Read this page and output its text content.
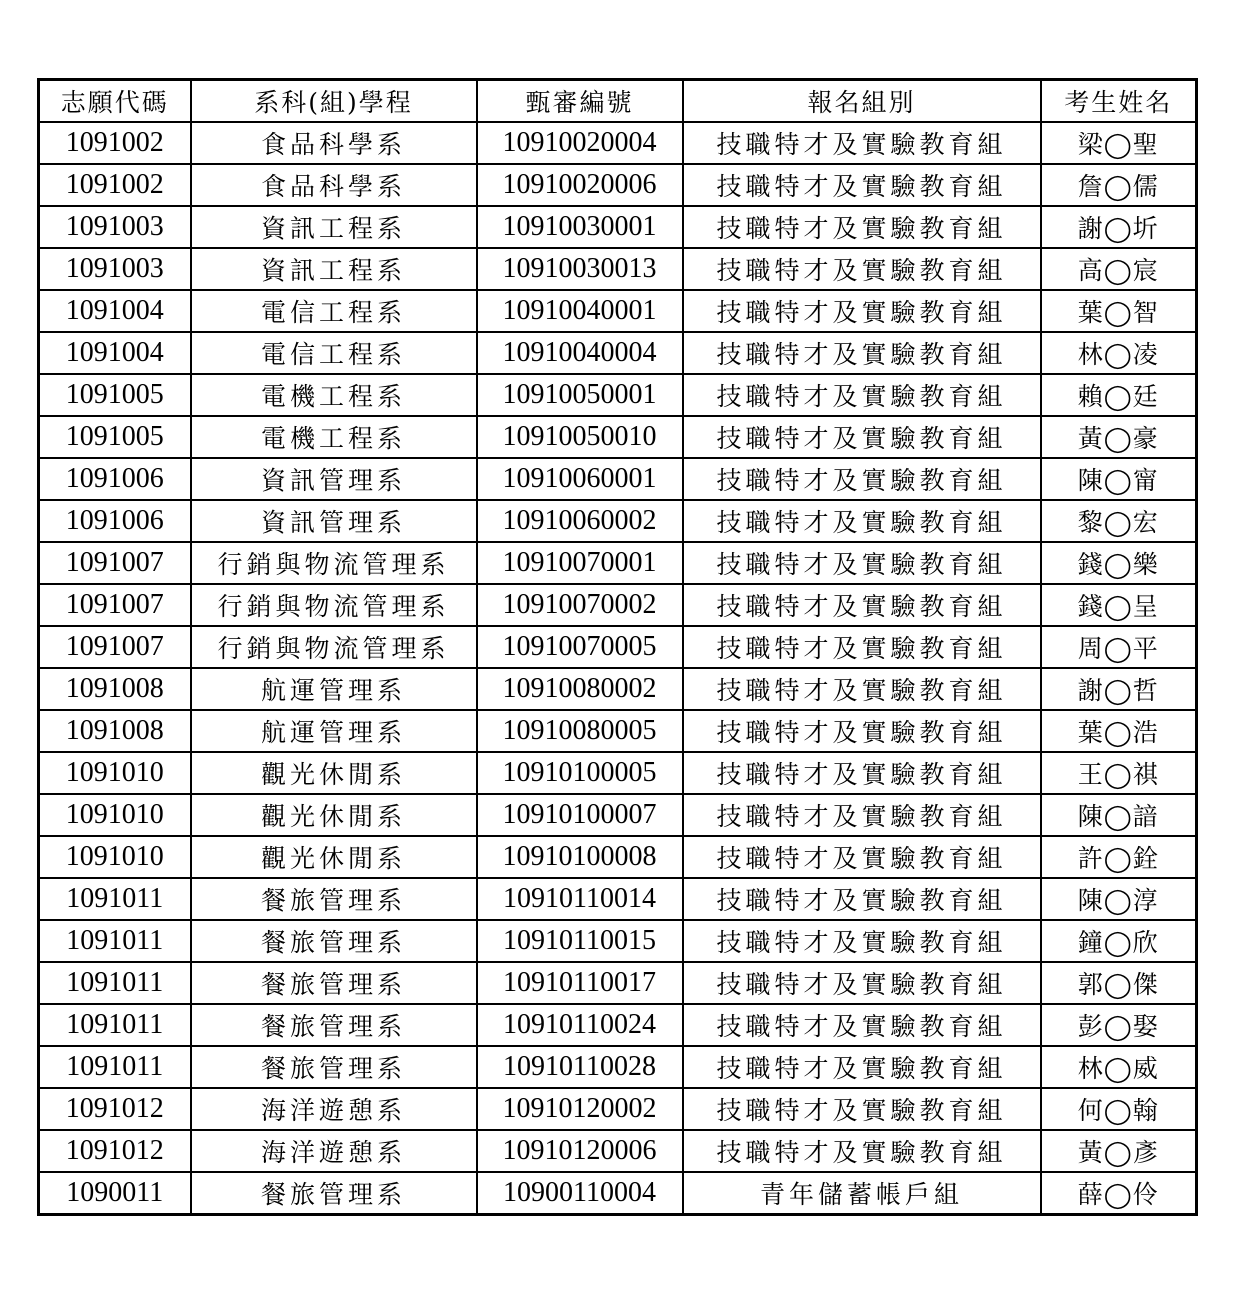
志願代碼	系科(組)學程	甄審編號	報名組別	考生姓名
1091002	食品科學系	10910020004	技職特才及實驗教育組	梁◯聖
1091002	食品科學系	10910020006	技職特才及實驗教育組	詹◯儒
1091003	資訊工程系	10910030001	技職特才及實驗教育組	謝◯圻
1091003	資訊工程系	10910030013	技職特才及實驗教育組	高◯宸
1091004	電信工程系	10910040001	技職特才及實驗教育組	葉◯智
1091004	電信工程系	10910040004	技職特才及實驗教育組	林◯凌
1091005	電機工程系	10910050001	技職特才及實驗教育組	賴◯廷
1091005	電機工程系	10910050010	技職特才及實驗教育組	黃◯豪
1091006	資訊管理系	10910060001	技職特才及實驗教育組	陳◯甯
1091006	資訊管理系	10910060002	技職特才及實驗教育組	黎◯宏
1091007	行銷與物流管理系	10910070001	技職特才及實驗教育組	錢◯樂
1091007	行銷與物流管理系	10910070002	技職特才及實驗教育組	錢◯呈
1091007	行銷與物流管理系	10910070005	技職特才及實驗教育組	周◯平
1091008	航運管理系	10910080002	技職特才及實驗教育組	謝◯哲
1091008	航運管理系	10910080005	技職特才及實驗教育組	葉◯浩
1091010	觀光休閒系	10910100005	技職特才及實驗教育組	王◯祺
1091010	觀光休閒系	10910100007	技職特才及實驗教育組	陳◯諳
1091010	觀光休閒系	10910100008	技職特才及實驗教育組	許◯銓
1091011	餐旅管理系	10910110014	技職特才及實驗教育組	陳◯淳
1091011	餐旅管理系	10910110015	技職特才及實驗教育組	鐘◯欣
1091011	餐旅管理系	10910110017	技職特才及實驗教育組	郭◯傑
1091011	餐旅管理系	10910110024	技職特才及實驗教育組	彭◯娶
1091011	餐旅管理系	10910110028	技職特才及實驗教育組	林◯威
1091012	海洋遊憩系	10910120002	技職特才及實驗教育組	何◯翰
1091012	海洋遊憩系	10910120006	技職特才及實驗教育組	黃◯彥
1090011	餐旅管理系	10900110004	青年儲蓄帳戶組	薛◯伶
